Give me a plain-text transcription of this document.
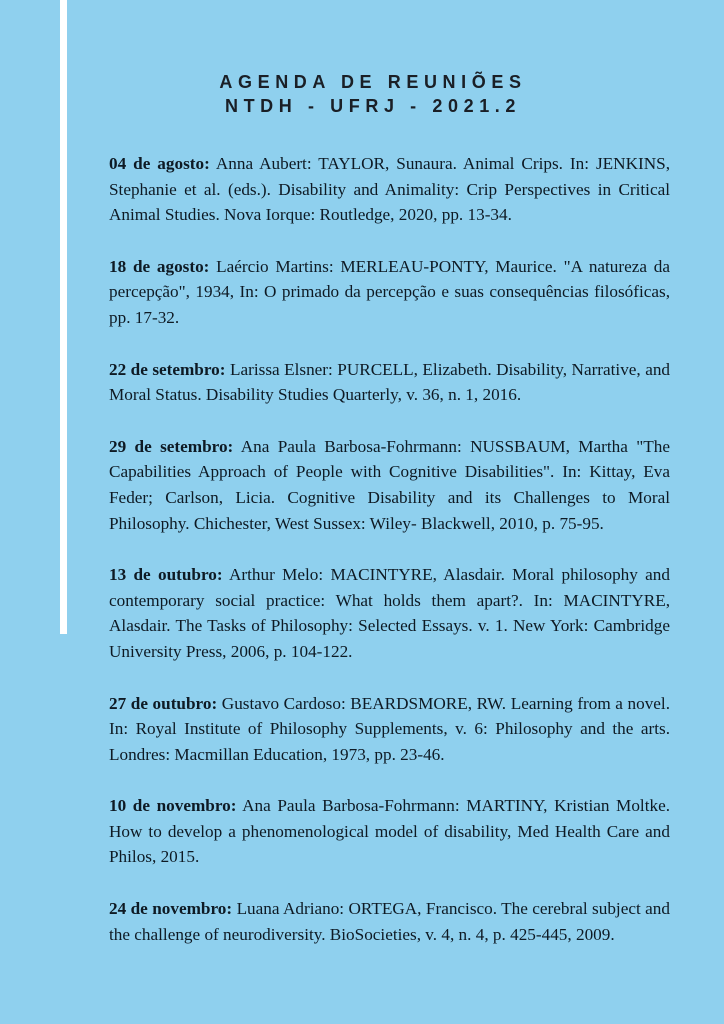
AGENDA DE REUNIÕES
NTDH - UFRJ - 2021.2

04 de agosto: Anna Aubert: TAYLOR, Sunaura. Animal Crips. In: JENKINS, Stephanie et al. (eds.). Disability and Animality: Crip Perspectives in Critical Animal Studies. Nova Iorque: Routledge, 2020, pp. 13-34.

18 de agosto: Laércio Martins: MERLEAU-PONTY, Maurice. "A natureza da percepção", 1934, In: O primado da percepção e suas consequências filosóficas, pp. 17-32.

22 de setembro: Larissa Elsner: PURCELL, Elizabeth. Disability, Narrative, and Moral Status. Disability Studies Quarterly, v. 36, n. 1, 2016.

29 de setembro: Ana Paula Barbosa-Fohrmann: NUSSBAUM, Martha "The Capabilities Approach of People with Cognitive Disabilities". In: Kittay, Eva Feder; Carlson, Licia. Cognitive Disability and its Challenges to Moral Philosophy. Chichester, West Sussex: Wiley- Blackwell, 2010, p. 75-95.

13 de outubro: Arthur Melo: MACINTYRE, Alasdair. Moral philosophy and contemporary social practice: What holds them apart?. In: MACINTYRE, Alasdair. The Tasks of Philosophy: Selected Essays. v. 1. New York: Cambridge University Press, 2006, p. 104-122.

27 de outubro: Gustavo Cardoso: BEARDSMORE, RW. Learning from a novel. In: Royal Institute of Philosophy Supplements, v. 6: Philosophy and the arts. Londres: Macmillan Education, 1973, pp. 23-46.

10 de novembro: Ana Paula Barbosa-Fohrmann: MARTINY, Kristian Moltke. How to develop a phenomenological model of disability, Med Health Care and Philos, 2015.

24 de novembro: Luana Adriano: ORTEGA, Francisco. The cerebral subject and the challenge of neurodiversity. BioSocieties, v. 4, n. 4, p. 425-445, 2009.
